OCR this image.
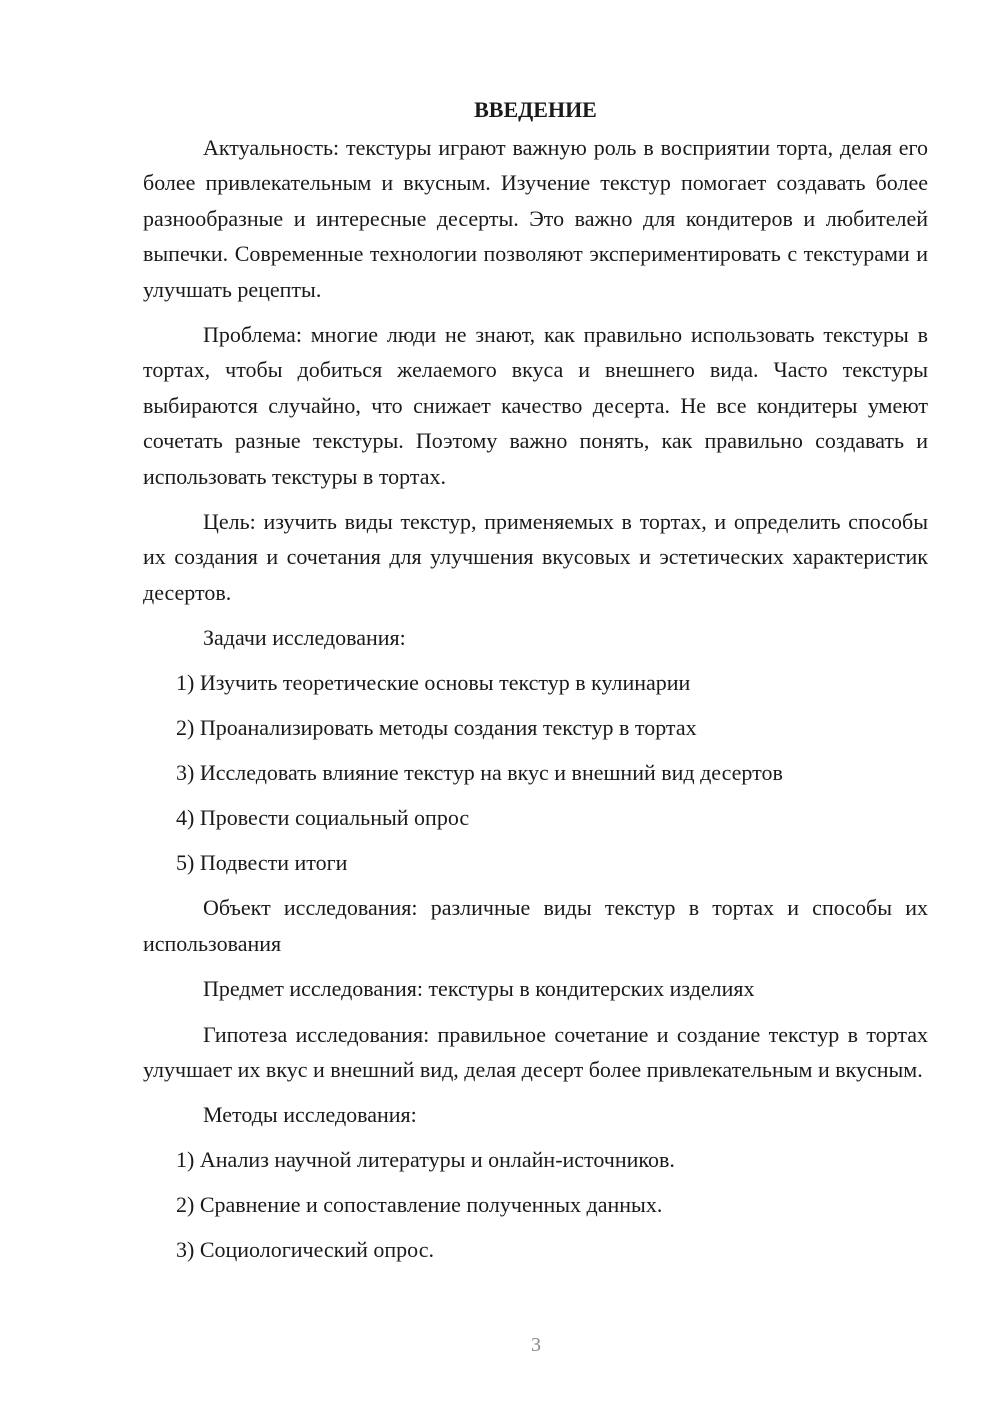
ВВЕДЕНИЕ

Актуальность: текстуры играют важную роль в восприятии торта, делая его более привлекательным и вкусным. Изучение текстур помогает создавать более разнообразные и интересные десерты. Это важно для кондитеров и любителей выпечки. Современные технологии позволяют экспериментировать с текстурами и улучшать рецепты.

Проблема: многие люди не знают, как правильно использовать текстуры в тортах, чтобы добиться желаемого вкуса и внешнего вида. Часто текстуры выбираются случайно, что снижает качество десерта. Не все кондитеры умеют сочетать разные текстуры. Поэтому важно понять, как правильно создавать и использовать текстуры в тортах.

Цель: изучить виды текстур, применяемых в тортах, и определить способы их создания и сочетания для улучшения вкусовых и эстетических характеристик десертов.

Задачи исследования:
1) Изучить теоретические основы текстур в кулинарии
2) Проанализировать методы создания текстур в тортах
3) Исследовать влияние текстур на вкус и внешний вид десертов
4) Провести социальный опрос
5) Подвести итоги

Объект исследования: различные виды текстур в тортах и способы их использования

Предмет исследования: текстуры в кондитерских изделиях

Гипотеза исследования: правильное сочетание и создание текстур в тортах улучшает их вкус и внешний вид, делая десерт более привлекательным и вкусным.

Методы исследования:
1) Анализ научной литературы и онлайн-источников.
2) Сравнение и сопоставление полученных данных.
3) Социологический опрос.
3
